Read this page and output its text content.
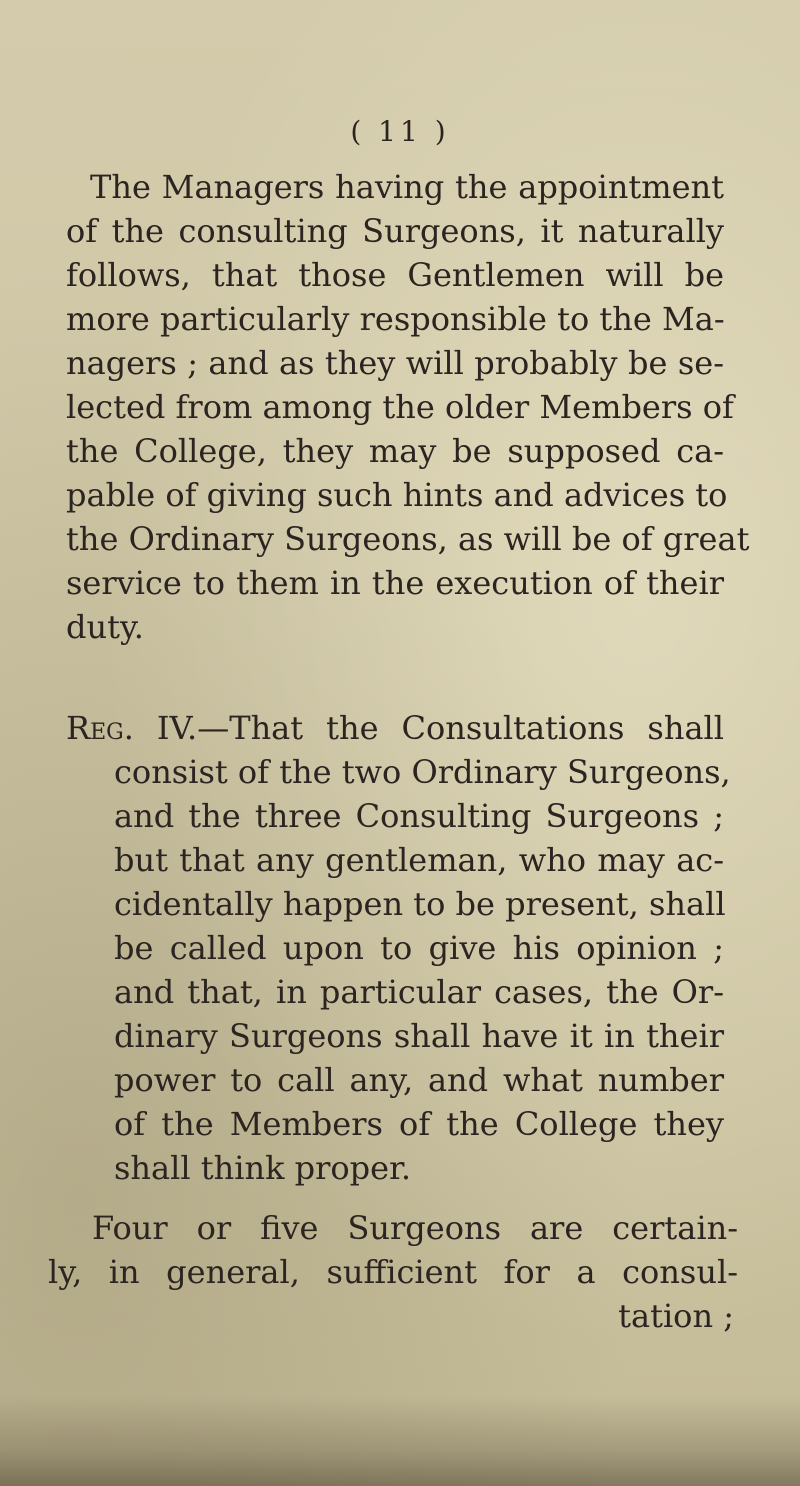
( 11 )
The Managers having the appointment
of the consulting Surgeons, it naturally
follows, that those Gentlemen will be
more particularly responsible to the Ma-
nagers ; and as they will probably be se-
lected from among the older Members of
the College, they may be supposed ca-
pable of giving such hints and advices to
the Ordinary Surgeons, as will be of great
service to them in the execution of their
duty.
Reg. IV.—That the Consultations shall
consist of the two Ordinary Surgeons,
and the three Consulting Surgeons ;
but that any gentleman, who may ac-
cidentally happen to be present, shall
be called upon to give his opinion ;
and that, in particular cases, the Or-
dinary Surgeons shall have it in their
power to call any, and what number
of the Members of the College they
shall think proper.
Four or five Surgeons are certain-
ly, in general, sufficient for a consul-
tation ;
